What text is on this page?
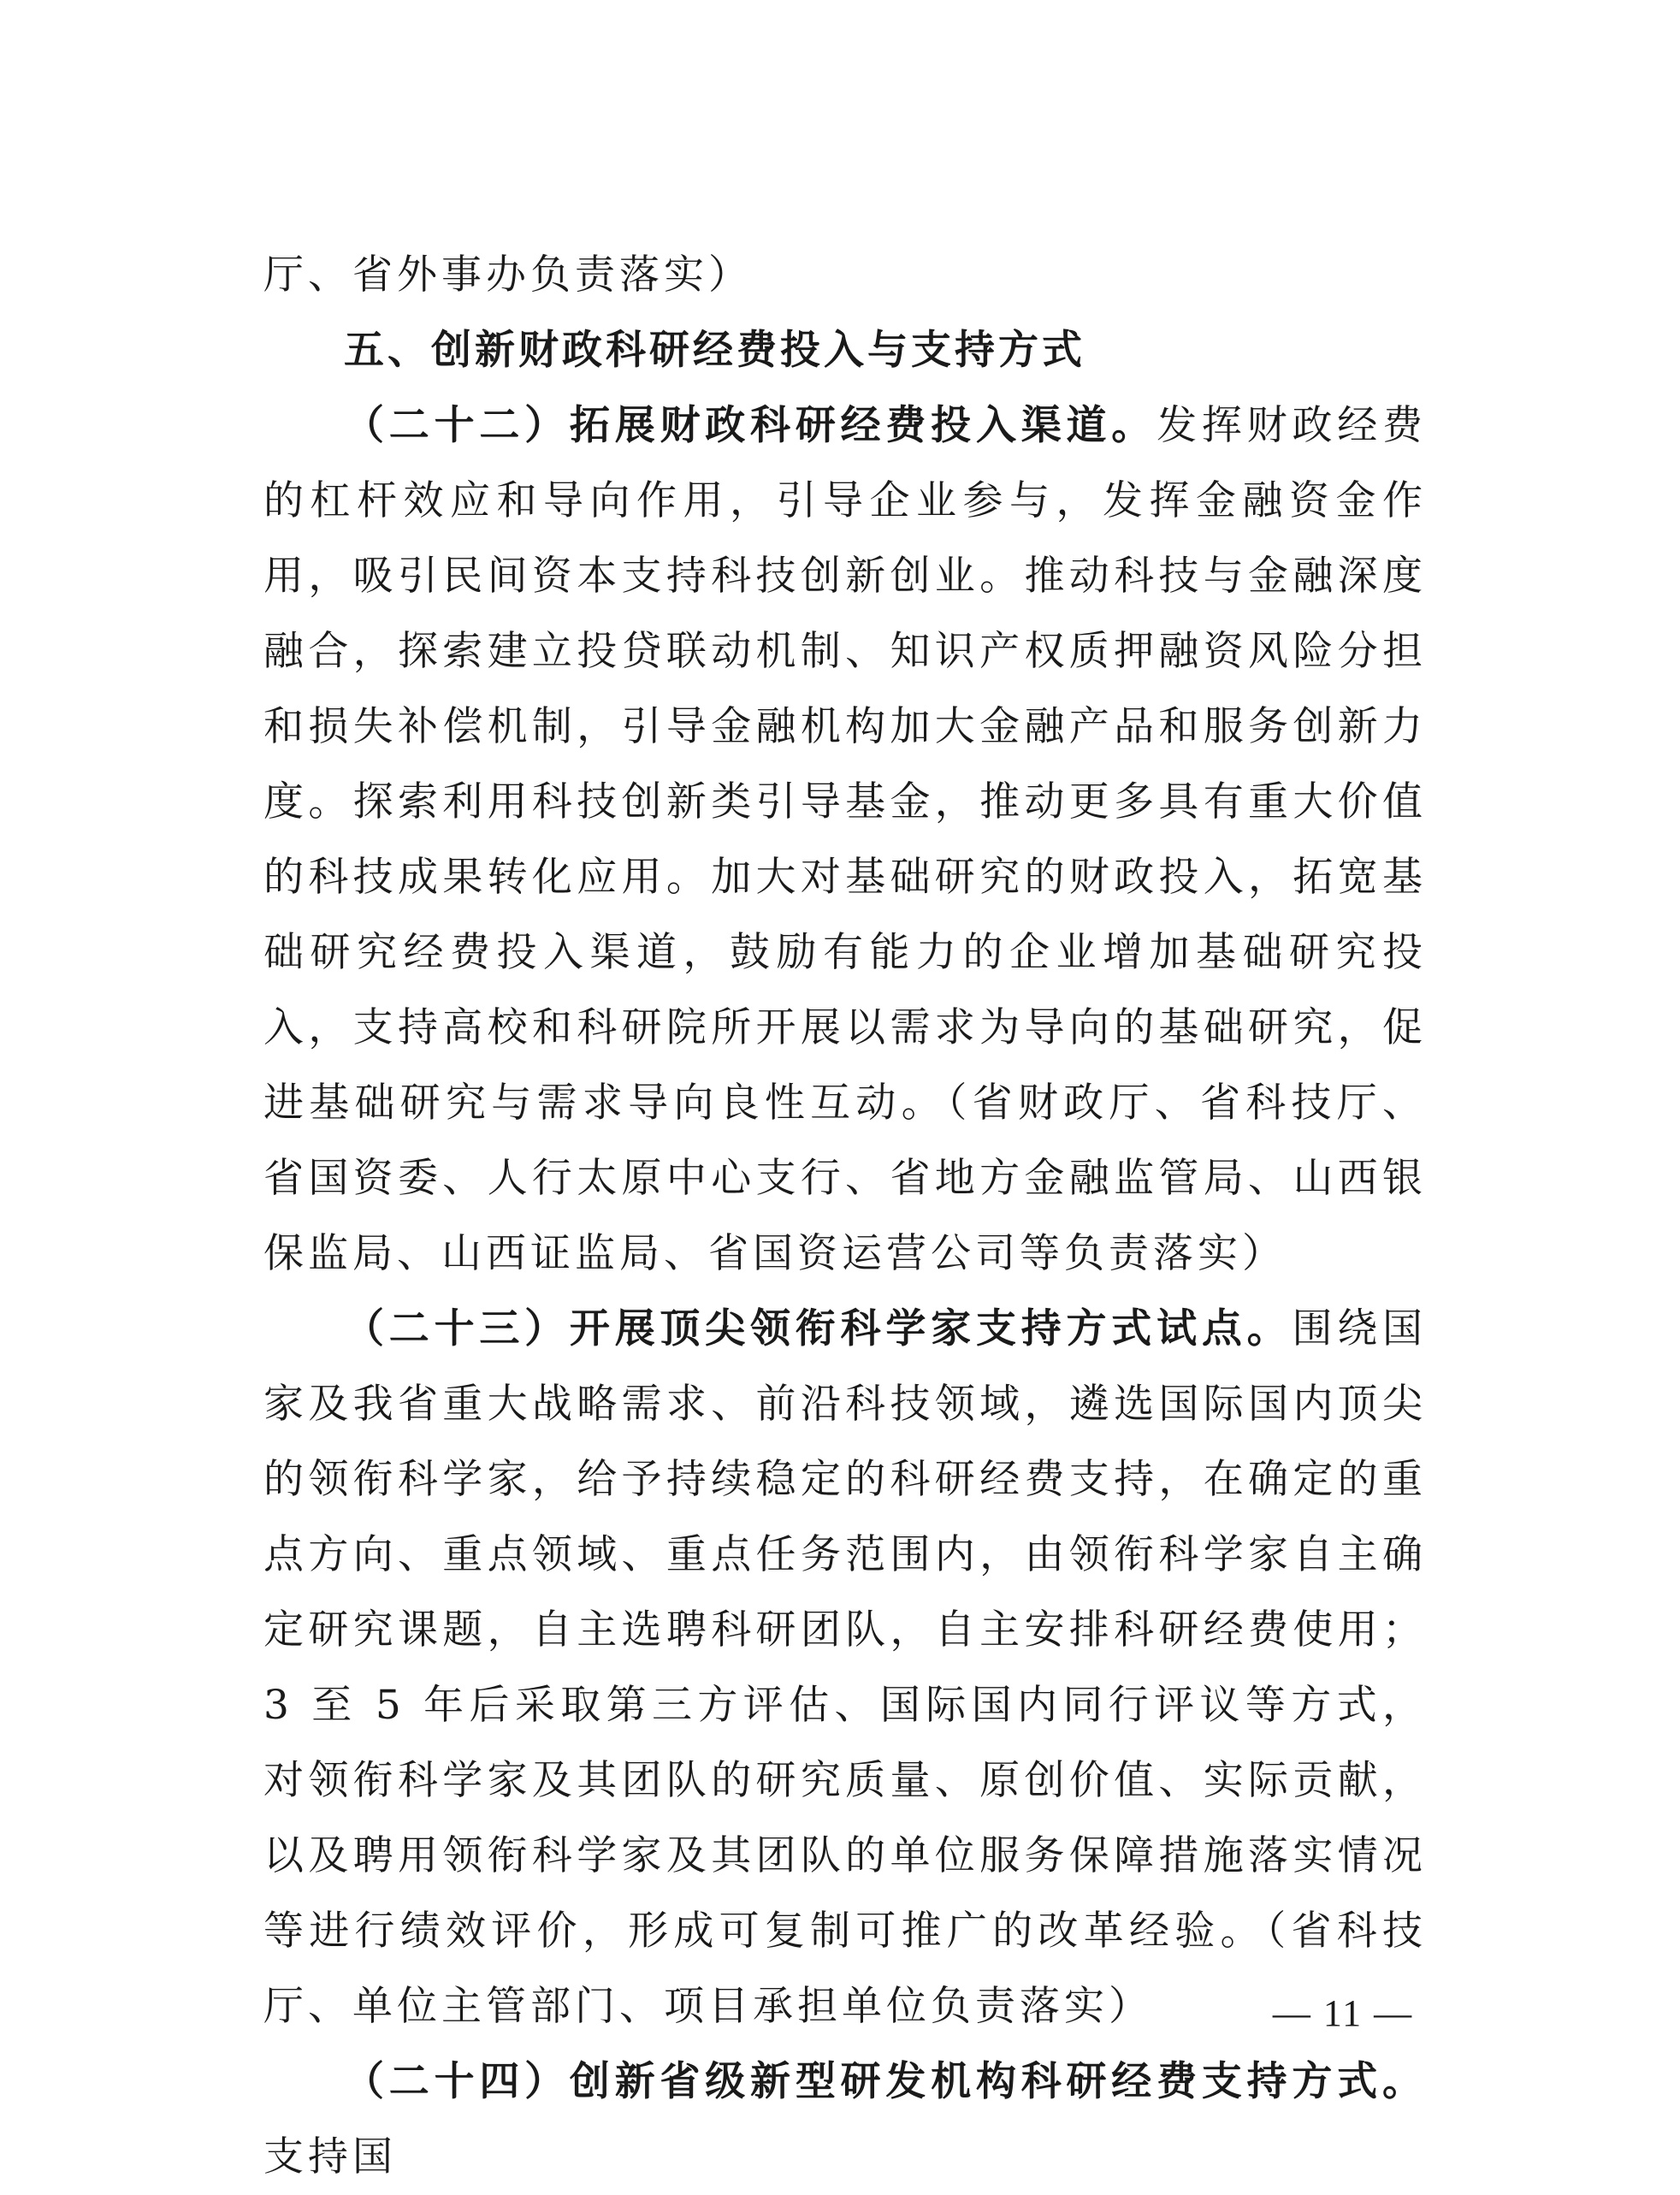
厅、省外事办负责落实）

五、创新财政科研经费投入与支持方式

（二十二）拓展财政科研经费投入渠道。发挥财政经费的杠杆效应和导向作用，引导企业参与，发挥金融资金作用，吸引民间资本支持科技创新创业。推动科技与金融深度融合，探索建立投贷联动机制、知识产权质押融资风险分担和损失补偿机制，引导金融机构加大金融产品和服务创新力度。探索利用科技创新类引导基金，推动更多具有重大价值的科技成果转化应用。加大对基础研究的财政投入，拓宽基础研究经费投入渠道，鼓励有能力的企业增加基础研究投入，支持高校和科研院所开展以需求为导向的基础研究，促进基础研究与需求导向良性互动。（省财政厅、省科技厅、省国资委、人行太原中心支行、省地方金融监管局、山西银保监局、山西证监局、省国资运营公司等负责落实）

（二十三）开展顶尖领衔科学家支持方式试点。围绕国家及我省重大战略需求、前沿科技领域，遴选国际国内顶尖的领衔科学家，给予持续稳定的科研经费支持，在确定的重点方向、重点领域、重点任务范围内，由领衔科学家自主确定研究课题，自主选聘科研团队，自主安排科研经费使用；3 至 5 年后采取第三方评估、国际国内同行评议等方式，对领衔科学家及其团队的研究质量、原创价值、实际贡献，以及聘用领衔科学家及其团队的单位服务保障措施落实情况等进行绩效评价，形成可复制可推广的改革经验。（省科技厅、单位主管部门、项目承担单位负责落实）

（二十四）创新省级新型研发机构科研经费支持方式。支持国

— 11 —
